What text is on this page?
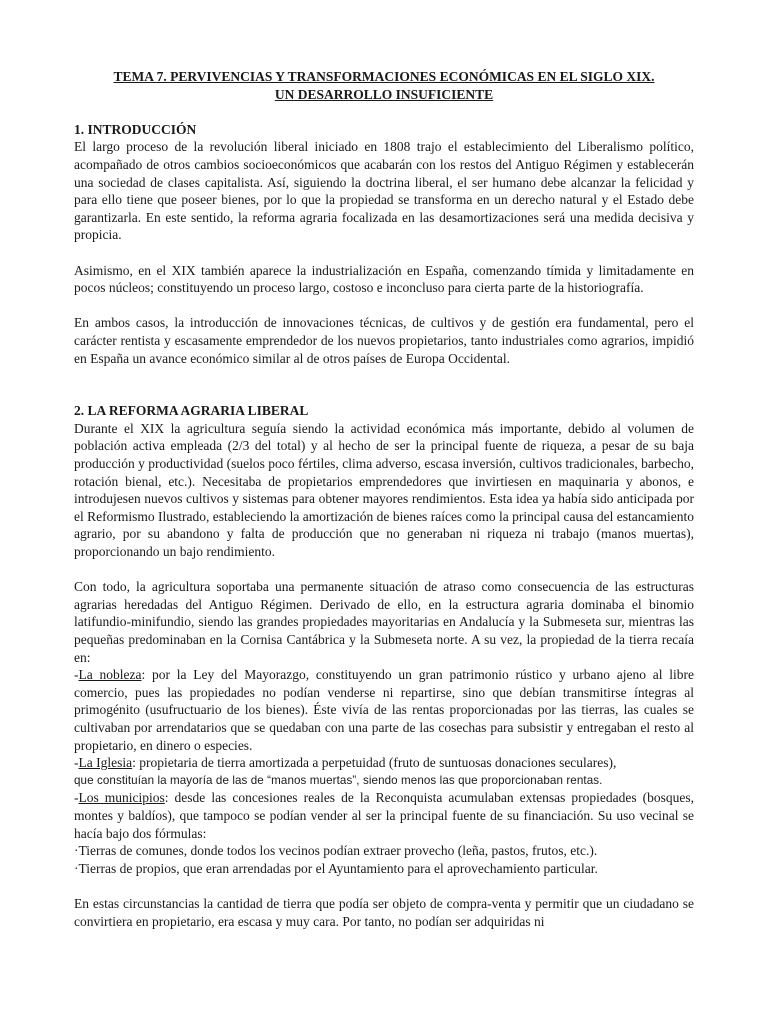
TEMA 7. PERVIVENCIAS Y TRANSFORMACIONES ECONÓMICAS EN EL SIGLO XIX.

UN DESARROLLO INSUFICIENTE

1. INTRODUCCIÓN

El largo proceso de la revolución liberal iniciado en 1808 trajo el establecimiento del Liberalismo político, acompañado de otros cambios socioeconómicos que acabarán con los restos del Antiguo Régimen y establecerán una sociedad de clases capitalista. Así, siguiendo la doctrina liberal, el ser humano debe alcanzar la felicidad y para ello tiene que poseer bienes, por lo que la propiedad se transforma en un derecho natural y el Estado debe garantizarla. En este sentido, la reforma agraria focalizada en las desamortizaciones será una medida decisiva y propicia.

Asimismo, en el XIX también aparece la industrialización en España, comenzando tímida y limitadamente en pocos núcleos; constituyendo un proceso largo, costoso e inconcluso para cierta parte de la historiografía.

En ambos casos, la introducción de innovaciones técnicas, de cultivos y de gestión era fundamental, pero el carácter rentista y escasamente emprendedor de los nuevos propietarios, tanto industriales como agrarios, impidió en España un avance económico similar al de otros países de Europa Occidental.

2. LA REFORMA AGRARIA LIBERAL

Durante el XIX la agricultura seguía siendo la actividad económica más importante, debido al volumen de población activa empleada (2/3 del total) y al hecho de ser la principal fuente de riqueza, a pesar de su baja producción y productividad (suelos poco fértiles, clima adverso, escasa inversión, cultivos tradicionales, barbecho, rotación bienal, etc.). Necesitaba de propietarios emprendedores que invirtiesen en maquinaria y abonos, e introdujesen nuevos cultivos y sistemas para obtener mayores rendimientos. Esta idea ya había sido anticipada por el Reformismo Ilustrado, estableciendo la amortización de bienes raíces como la principal causa del estancamiento agrario, por su abandono y falta de producción que no generaban ni riqueza ni trabajo (manos muertas), proporcionando un bajo rendimiento.

Con todo, la agricultura soportaba una permanente situación de atraso como consecuencia de las estructuras agrarias heredadas del Antiguo Régimen. Derivado de ello, en la estructura agraria dominaba el binomio latifundio-minifundio, siendo las grandes propiedades mayoritarias en Andalucía y la Submeseta sur, mientras las pequeñas predominaban en la Cornisa Cantábrica y la Submeseta norte. A su vez, la propiedad de la tierra recaía en:

-La nobleza: por la Ley del Mayorazgo, constituyendo un gran patrimonio rústico y urbano ajeno al libre comercio, pues las propiedades no podían venderse ni repartirse, sino que debían transmitirse íntegras al primogénito (usufructuario de los bienes). Éste vivía de las rentas proporcionadas por las tierras, las cuales se cultivaban por arrendatarios que se quedaban con una parte de las cosechas para subsistir y entregaban el resto al propietario, en dinero o especies.

-La Iglesia: propietaria de tierra amortizada a perpetuidad (fruto de suntuosas donaciones seculares),

que constituían la mayoría de las de “manos muertas”, siendo menos las que proporcionaban rentas.

-Los municipios: desde las concesiones reales de la Reconquista acumulaban extensas propiedades (bosques, montes y baldíos), que tampoco se podían vender al ser la principal fuente de su financiación. Su uso vecinal se hacía bajo dos fórmulas:

·Tierras de comunes, donde todos los vecinos podían extraer provecho (leña, pastos, frutos, etc.).

·Tierras de propios, que eran arrendadas por el Ayuntamiento para el aprovechamiento particular.

En estas circunstancias la cantidad de tierra que podía ser objeto de compra-venta y permitir que un ciudadano se convirtiera en propietario, era escasa y muy cara. Por tanto, no podían ser adquiridas ni
